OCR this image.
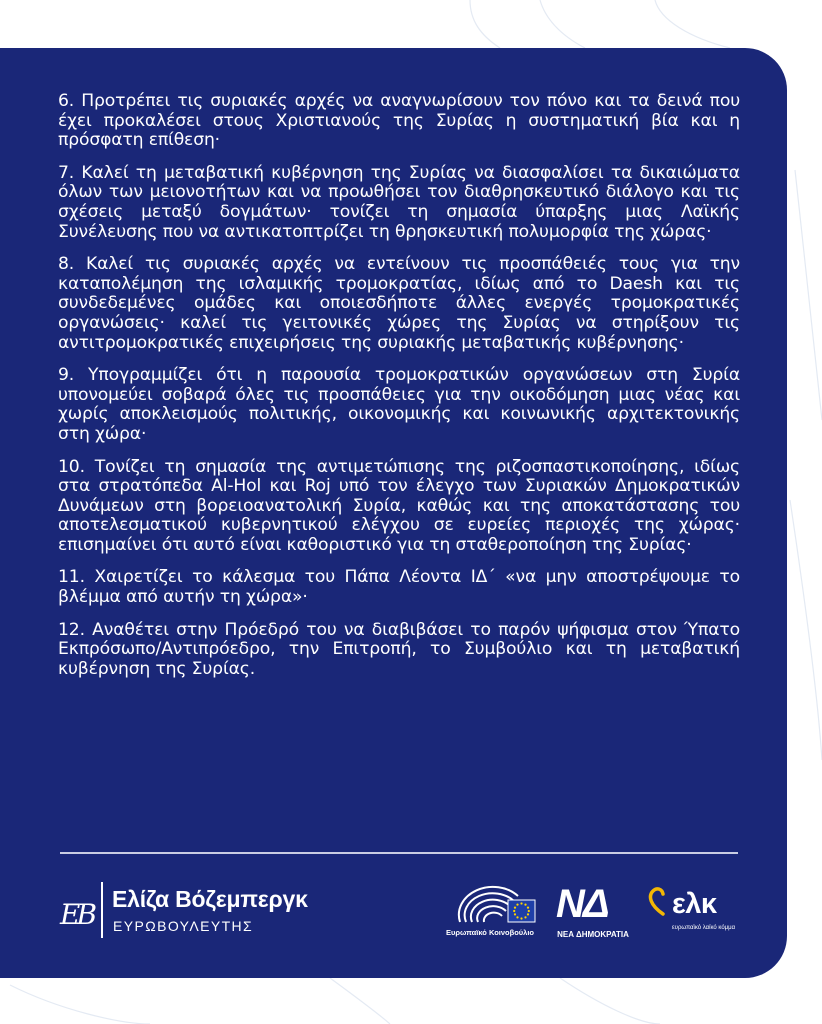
6. Προτρέπει τις συριακές αρχές να αναγνωρίσουν τον πόνο και τα δεινά που έχει προκαλέσει στους Χριστιανούς της Συρίας η συστηματική βία και η πρόσφατη επίθεση·

7. Καλεί τη μεταβατική κυβέρνηση της Συρίας να διασφαλίσει τα δικαιώματα όλων των μειονοτήτων και να προωθήσει τον διαθρησκευτικό διάλογο και τις σχέσεις μεταξύ δογμάτων· τονίζει τη σημασία ύπαρξης μιας Λαϊκής Συνέλευσης που να αντικατοπτρίζει τη θρησκευτική πολυμορφία της χώρας·

8. Καλεί τις συριακές αρχές να εντείνουν τις προσπάθειές τους για την καταπολέμηση της ισλαμικής τρομοκρατίας, ιδίως από το Daesh και τις συνδεδεμένες ομάδες και οποιεσδήποτε άλλες ενεργές τρομοκρατικές οργανώσεις· καλεί τις γειτονικές χώρες της Συρίας να στηρίξουν τις αντιτρομοκρατικές επιχειρήσεις της συριακής μεταβατικής κυβέρνησης·

9. Υπογραμμίζει ότι η παρουσία τρομοκρατικών οργανώσεων στη Συρία υπονομεύει σοβαρά όλες τις προσπάθειες για την οικοδόμηση μιας νέας και χωρίς αποκλεισμούς πολιτικής, οικονομικής και κοινωνικής αρχιτεκτονικής στη χώρα·

10. Τονίζει τη σημασία της αντιμετώπισης της ριζοσπαστικοποίησης, ιδίως στα στρατόπεδα Al-Hol και Roj υπό τον έλεγχο των Συριακών Δημοκρατικών Δυνάμεων στη βορειοανατολική Συρία, καθώς και της αποκατάστασης του αποτελεσματικού κυβερνητικού ελέγχου σε ευρείες περιοχές της χώρας· επισημαίνει ότι αυτό είναι καθοριστικό για τη σταθεροποίηση της Συρίας·

11. Χαιρετίζει το κάλεσμα του Πάπα Λέοντα ΙΔ΄ «να μην αποστρέψουμε το βλέμμα από αυτήν τη χώρα»·

12. Αναθέτει στην Πρόεδρό του να διαβιβάσει το παρόν ψήφισμα στον Ύπατο Εκπρόσωπο/Αντιπρόεδρο, την Επιτροπή, το Συμβούλιο και τη μεταβατική κυβέρνηση της Συρίας.

ЕВ Ελίζα Βόζεμπεργκ
ΕΥΡΩΒΟΥΛΕΥΤΗΣ	Ευρωπαϊκό Κοινοβούλιο
ΝΔ
ΝΕΑ ΔΗΜΟΚΡΑΤΙΑ
ελκ
ευρωπαϊκό λαϊκό κόμμα
